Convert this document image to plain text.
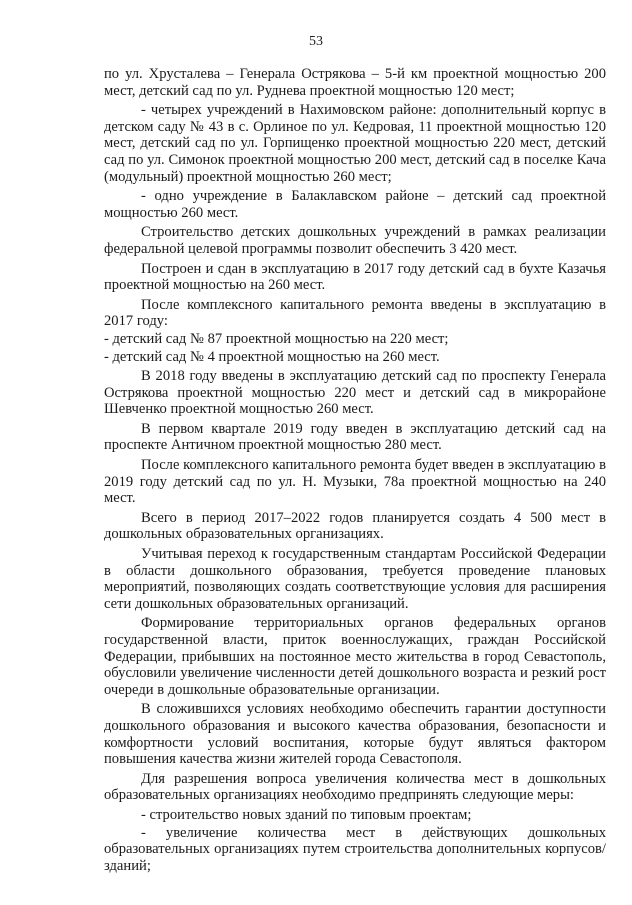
53

по ул. Хрусталева – Генерала Острякова – 5-й км проектной мощностью 200 мест, детский сад по ул. Руднева проектной мощностью 120 мест;

- четырех учреждений в Нахимовском районе: дополнительный корпус в детском саду № 43 в с. Орлиное по ул. Кедровая, 11 проектной мощностью 120 мест, детский сад по ул. Горпищенко проектной мощностью 220 мест, детский сад по ул. Симонок проектной мощностью 200 мест, детский сад в поселке Кача (модульный) проектной мощностью 260 мест;

- одно учреждение в Балаклавском районе – детский сад проектной мощностью 260 мест.

Строительство детских дошкольных учреждений в рамках реализации федеральной целевой программы позволит обеспечить 3 420 мест.

Построен и сдан в эксплуатацию в 2017 году детский сад в бухте Казачья проектной мощностью на 260 мест.

После комплексного капитального ремонта введены в эксплуатацию в 2017 году:

- детский сад № 87 проектной мощностью на 220 мест;

- детский сад № 4 проектной мощностью на 260 мест.

В 2018 году введены в эксплуатацию детский сад по проспекту Генерала Острякова проектной мощностью 220 мест и детский сад в микрорайоне Шевченко проектной мощностью 260 мест.

В первом квартале 2019 году введен в эксплуатацию детский сад на проспекте Античном проектной мощностью 280 мест.

После комплексного капитального ремонта будет введен в эксплуатацию в 2019 году детский сад по ул. Н. Музыки, 78а проектной мощностью на 240 мест.

Всего в период 2017–2022 годов планируется создать 4 500 мест в дошкольных образовательных организациях.

Учитывая переход к государственным стандартам Российской Федерации в области дошкольного образования, требуется проведение плановых мероприятий, позволяющих создать соответствующие условия для расширения сети дошкольных образовательных организаций.

Формирование территориальных органов федеральных органов государственной власти, приток военнослужащих, граждан Российской Федерации, прибывших на постоянное место жительства в город Севастополь, обусловили увеличение численности детей дошкольного возраста и резкий рост очереди в дошкольные образовательные организации.

В сложившихся условиях необходимо обеспечить гарантии доступности дошкольного образования и высокого качества образования, безопасности и комфортности условий воспитания, которые будут являться фактором повышения качества жизни жителей города Севастополя.

Для разрешения вопроса увеличения количества мест в дошкольных образовательных организациях необходимо предпринять следующие меры:

- строительство новых зданий по типовым проектам;

- увеличение количества мест в действующих дошкольных образовательных организациях путем строительства дополнительных корпусов/зданий;
